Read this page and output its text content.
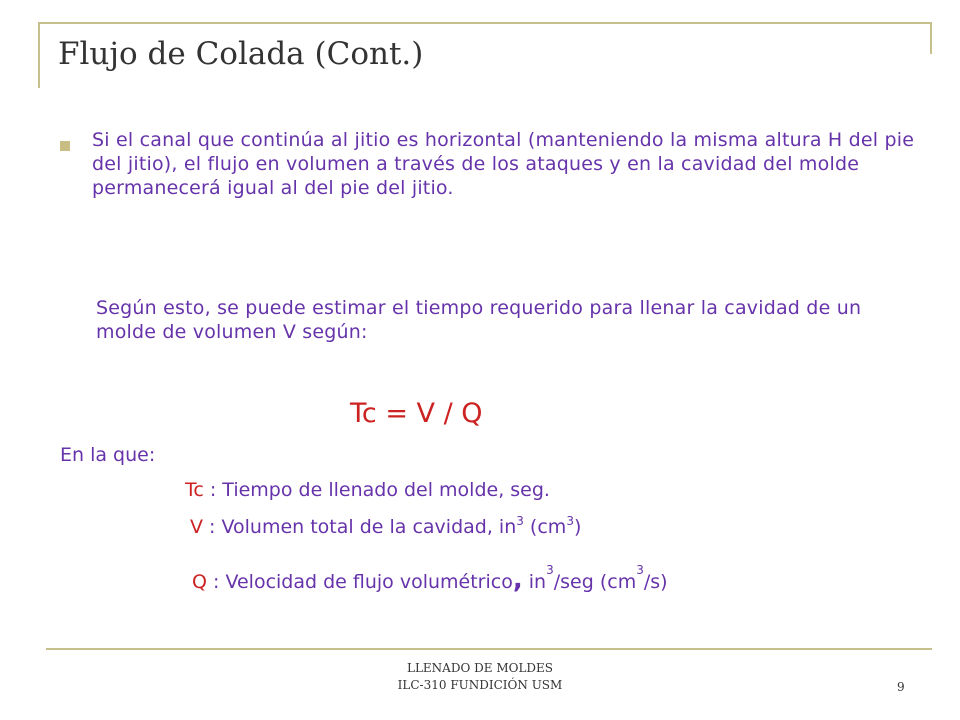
Flujo de Colada (Cont.)
Si el canal que continúa al jitio es horizontal (manteniendo la misma altura H del pie del jitio), el flujo en volumen a través de los ataques y en la cavidad del molde permanecerá igual al del pie del jitio.
Según esto, se puede estimar el tiempo requerido para llenar la cavidad de un molde de volumen V según:
Tc = V / Q
En la que:
Tc : Tiempo de llenado del molde, seg.
V : Volumen total de la cavidad, $in^3$ $(cm^3)$
Q : Velocidad de flujo volumétrico, $in^3$/seg $(cm^3/s)$
LLENADO DE MOLDES
ILC-310 FUNDICIÓN USM	9
